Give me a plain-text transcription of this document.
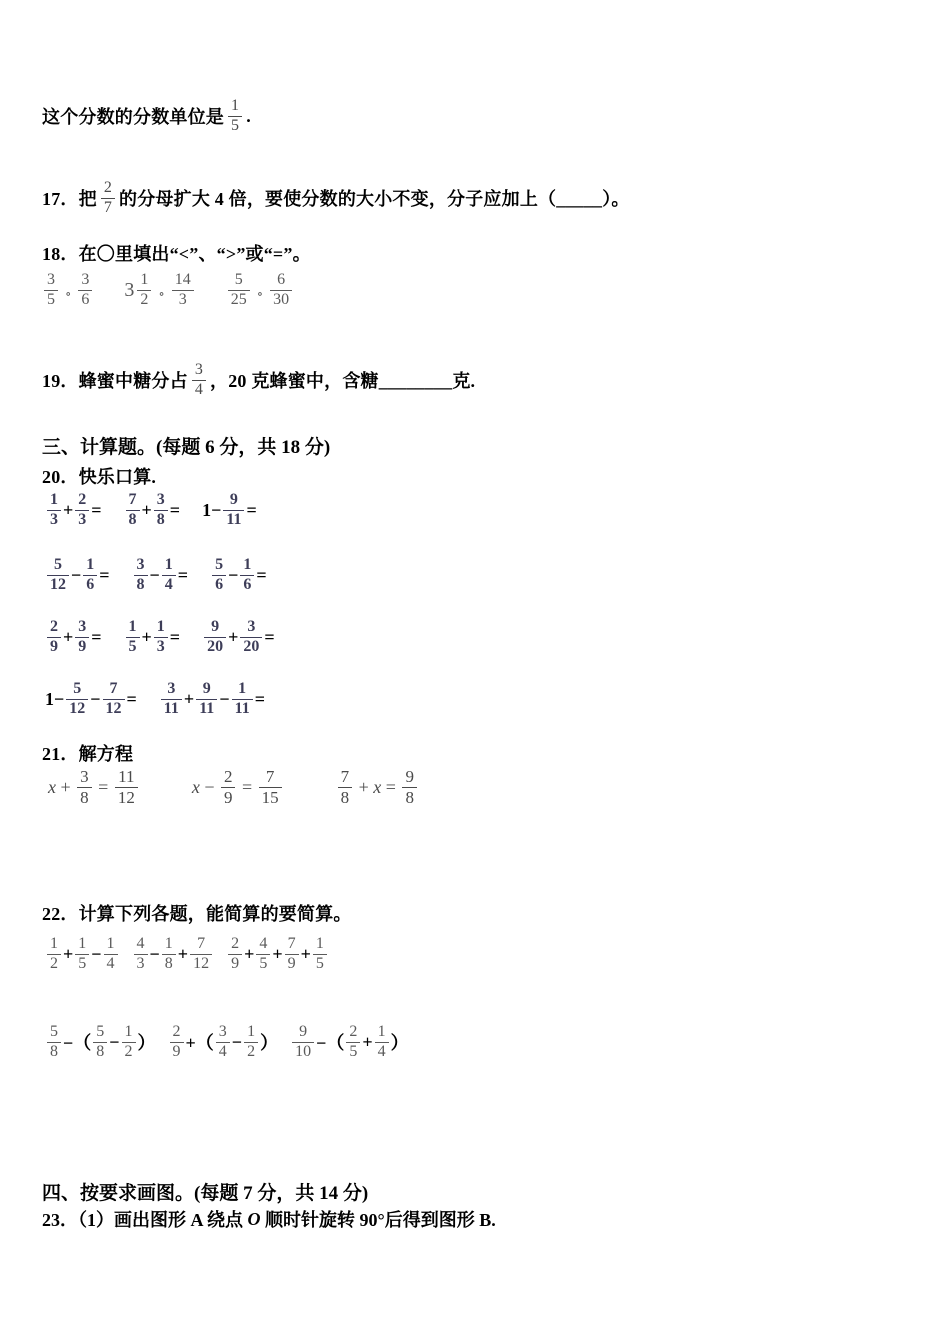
这个分数的分数单位是 $\frac{1}{5}$ .
17．把 $\frac{2}{7}$ 的分母扩大 4 倍，要使分数的大小不变，分子应加上（_____）。
18．在〇里填出“<”、“>”或“=”。
$\frac{3}{5}$ ∘ $\frac{3}{6} 3 \frac{1}{2}$ ∘ $\frac{14}{3} \frac{5}{25}$ ∘ $\frac{6}{30}$
19．蜂蜜中糖分占 $\frac{3}{4}$ ，20 克蜂蜜中，含糖________克.
三、计算题。(每题 6 分，共 18 分)
20．快乐口算.
$\frac{1}{3} + \frac{2}{3} = \frac{7}{8} + \frac{3}{8} = 1- \frac{9}{11}$ =
$\frac{5}{12} - \frac{1}{6} = \frac{3}{8} - \frac{1}{4} = \frac{5}{6} - \frac{1}{6}$ =
$\frac{2}{9} + \frac{3}{9} = \frac{1}{5} + \frac{1}{3} = \frac{9}{20} + \frac{3}{20}$ =
$1- \frac{5}{12} - \frac{7}{12} = \frac{3}{11} + \frac{9}{11} - \frac{1}{11}$ =
21．解方程
$x + \frac{3}{8} = \frac{11}{12}$	$x - \frac{2}{9} = \frac{7}{15}$	$\frac{7}{8} + x = \frac{9}{8}$
22．计算下列各题，能简算的要简算。
$\frac{1}{2} + \frac{1}{5} - \frac{1}{4} \frac{4}{3} - \frac{1}{8} + \frac{7}{12} \frac{2}{9} + \frac{4}{5} + \frac{7}{9} + \frac{1}{5}$
$\frac{5}{8}$ −（ $\frac{5}{8} - \frac{1}{2}$ ） $\frac{2}{9}$ +（ $\frac{3}{4} - \frac{1}{2}$ ） $\frac{9}{10}$ −（ $\frac{2}{5} + \frac{1}{4}$ ）
四、按要求画图。(每题 7 分，共 14 分)
23．（1）画出图形 A 绕点 O 顺时针旋转 90°后得到图形 B.
